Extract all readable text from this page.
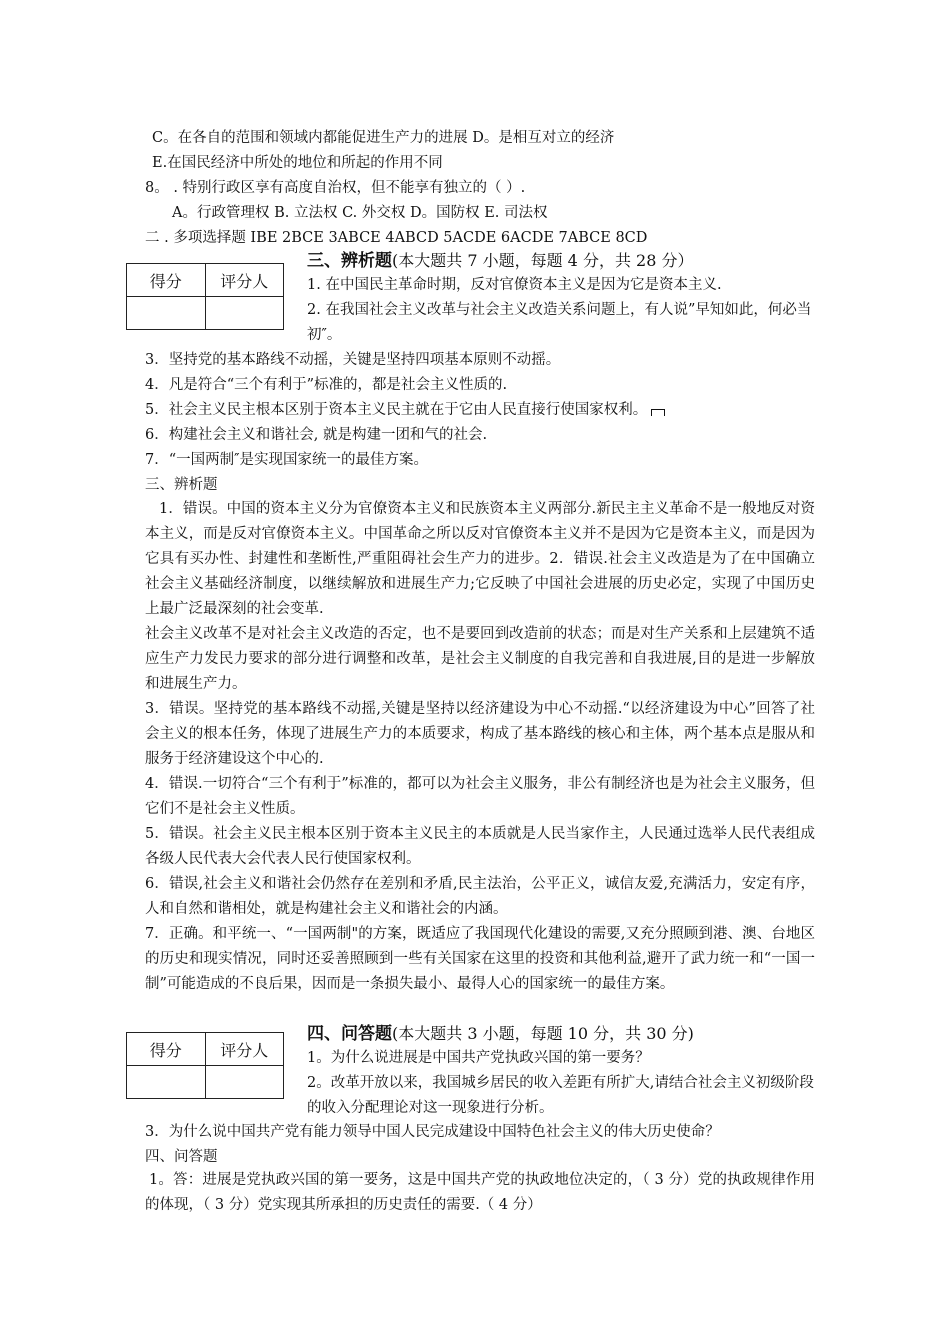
C。在各自的范围和领域内都能促进生产力的进展 D。是相互对立的经济
E.在国民经济中所处的地位和所起的作用不同
8。 . 特别行政区享有高度自治权，但不能享有独立的（ ）.
A。行政管理权 B. 立法权 C. 外交权 D。国防权 E. 司法权
二 . 多项选择题 IBE 2BCE 3ABCE 4ABCD 5ACDE 6ACDE 7ABCE 8CD
得分	评分人

三、辨析题(本大题共 7 小题，每题 4 分，共 28 分）
1. 在中国民主革命时期，反对官僚资本主义是因为它是资本主义.
2. 在我国社会主义改革与社会主义改造关系问题上，有人说”早知如此，何必当初″。
3．坚持党的基本路线不动摇，关键是坚持四项基本原则不动摇。
4．凡是符合“三个有利于”标准的，都是社会主义性质的.
5．社会主义民主根本区别于资本主义民主就在于它由人民直接行使国家权利。
6．构建社会主义和谐社会, 就是构建一团和气的社会.
7．“一国两制″是实现国家统一的最佳方案。
三、辨析题
1．错误。中国的资本主义分为官僚资本主义和民族资本主义两部分.新民主主义革命不是一般地反对资本主义，而是反对官僚资本主义。中国革命之所以反对官僚资本主义并不是因为它是资本主义，而是因为它具有买办性、封建性和垄断性,严重阻碍社会生产力的进步。2．错误.社会主义改造是为了在中国确立社会主义基础经济制度，以继续解放和进展生产力;它反映了中国社会进展的历史必定，实现了中国历史上最广泛最深刻的社会变革.
社会主义改革不是对社会主义改造的否定，也不是要回到改造前的状态；而是对生产关系和上层建筑不适应生产力发民力要求的部分进行调整和改革，是社会主义制度的自我完善和自我进展,目的是进一步解放和进展生产力。
3．错误。坚持党的基本路线不动摇,关键是坚持以经济建设为中心不动摇.“以经济建设为中心”回答了社会主义的根本任务，体现了进展生产力的本质要求，构成了基本路线的核心和主体，两个基本点是服从和服务于经济建设这个中心的.
4．错误.一切符合“三个有利于”标准的，都可以为社会主义服务，非公有制经济也是为社会主义服务，但它们不是社会主义性质。
5．错误。社会主义民主根本区别于资本主义民主的本质就是人民当家作主，人民通过选举人民代表组成各级人民代表大会代表人民行使国家权利。
6．错误,社会主义和谐社会仍然存在差别和矛盾,民主法治，公平正义，诚信友爱,充满活力，安定有序，人和自然和谐相处，就是构建社会主义和谐社会的内涵。
7．正确。和平统一、“一国两制"的方案，既适应了我国现代化建设的需要,又充分照顾到港、澳、台地区的历史和现实情况，同时还妥善照顾到一些有关国家在这里的投资和其他利益,避开了武力统一和“一国一制”可能造成的不良后果，因而是一条损失最小、最得人心的国家统一的最佳方案。
得分	评分人

四、问答题(本大题共 3 小题，每题 10 分，共 30 分)
1。为什么说进展是中国共产党执政兴国的第一要务？
2。改革开放以来，我国城乡居民的收入差距有所扩大,请结合社会主义初级阶段的收入分配理论对这一现象进行分析。
3．为什么说中国共产党有能力领导中国人民完成建设中国特色社会主义的伟大历史使命？
四、问答题
1。答：进展是党执政兴国的第一要务，这是中国共产党的执政地位决定的，（ 3 分）党的执政规律作用的体现，（ 3 分）党实现其所承担的历史责任的需要.（ 4 分）
